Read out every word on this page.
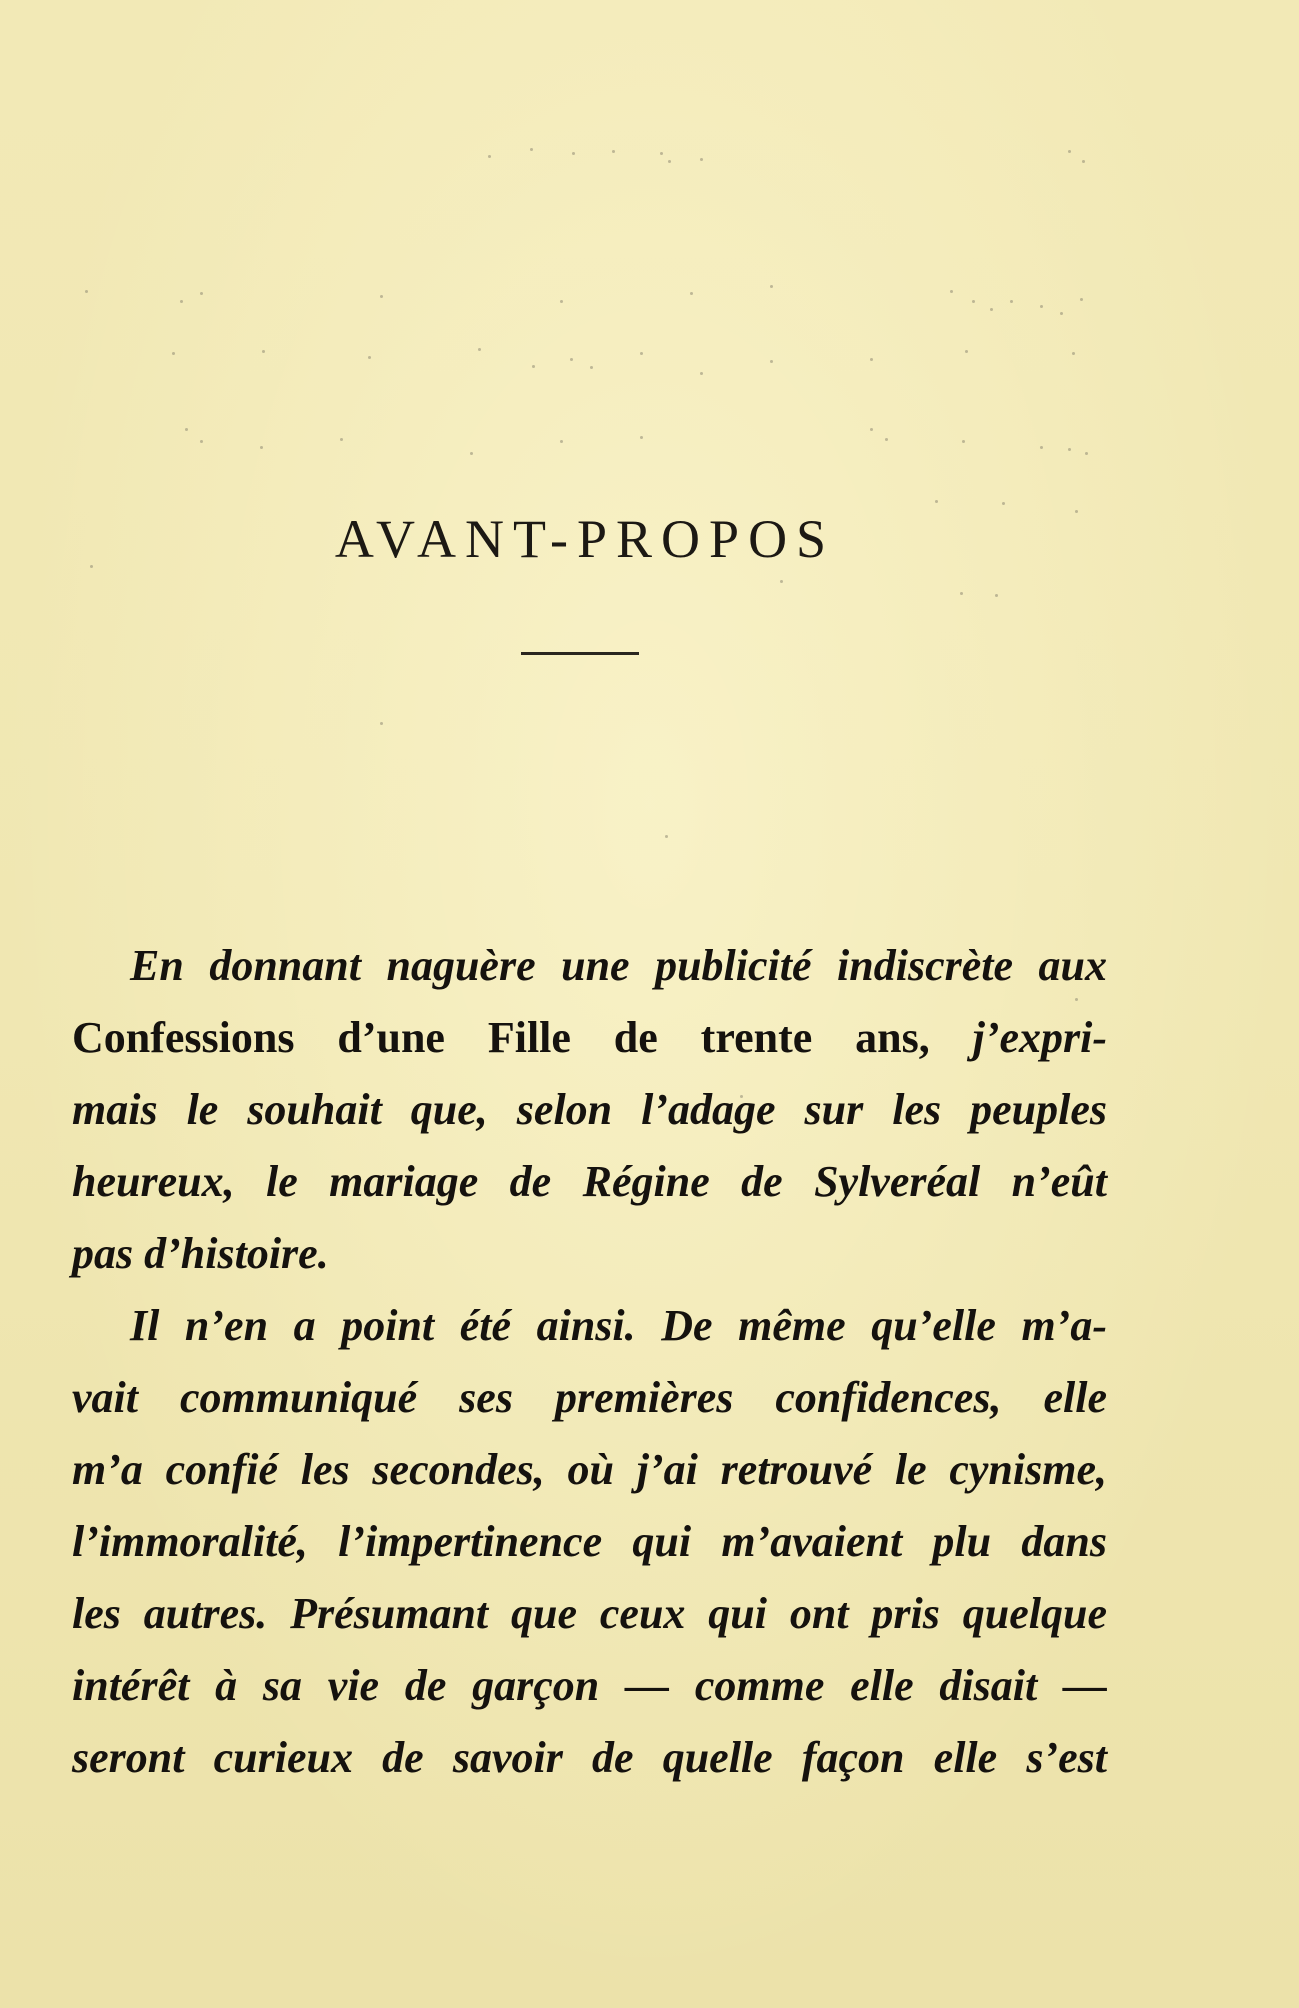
AVANT-PROPOS
En donnant naguère une publicité indiscrète aux
Confessions d’une Fille de trente ans, j’expri-
mais le souhait que, selon l’adage sur les peuples
heureux, le mariage de Régine de Sylveréal n’eût
pas d’histoire.
Il n’en a point été ainsi. De même qu’elle m’a-
vait communiqué ses premières confidences, elle
m’a confié les secondes, où j’ai retrouvé le cynisme,
l’immoralité, l’impertinence qui m’avaient plu dans
les autres. Présumant que ceux qui ont pris quelque
intérêt à sa vie de garçon — comme elle disait —
seront curieux de savoir de quelle façon elle s’est
